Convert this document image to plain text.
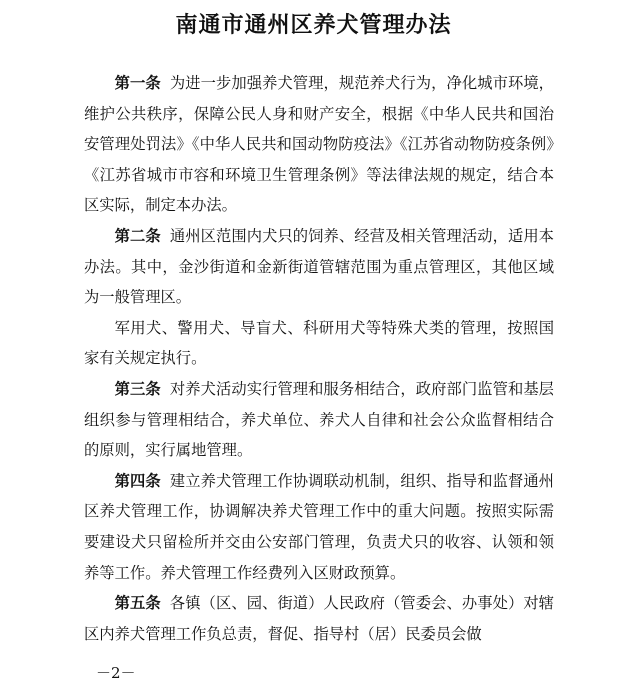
南通市通州区养犬管理办法

第一条 为进一步加强养犬管理，规范养犬行为，净化城市环境，维护公共秩序，保障公民人身和财产安全，根据《中华人民共和国治安管理处罚法》《中华人民共和国动物防疫法》《江苏省动物防疫条例》《江苏省城市市容和环境卫生管理条例》等法律法规的规定，结合本区实际，制定本办法。

第二条 通州区范围内犬只的饲养、经营及相关管理活动，适用本办法。其中，金沙街道和金新街道管辖范围为重点管理区，其他区域为一般管理区。

军用犬、警用犬、导盲犬、科研用犬等特殊犬类的管理，按照国家有关规定执行。

第三条 对养犬活动实行管理和服务相结合，政府部门监管和基层组织参与管理相结合，养犬单位、养犬人自律和社会公众监督相结合的原则，实行属地管理。

第四条 建立养犬管理工作协调联动机制，组织、指导和监督通州区养犬管理工作，协调解决养犬管理工作中的重大问题。按照实际需要建设犬只留检所并交由公安部门管理，负责犬只的收容、认领和领养等工作。养犬管理工作经费列入区财政预算。

第五条 各镇（区、园、街道）人民政府（管委会、办事处）对辖区内养犬管理工作负总责，督促、指导村（居）民委员会做

－2－
